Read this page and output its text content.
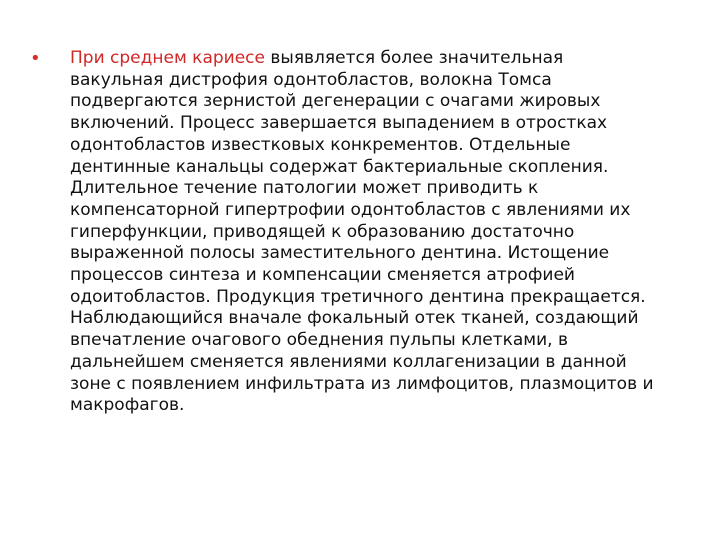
• При среднем кариесе выявляется более значительная
вакульная дистрофия одонтобластов, волокна Томса
подвергаются зернистой дегенерации с очагами жировых
включений. Процесс завершается выпадением в отростках
одонтобластов известковых конкрементов. Отдельные
дентинные канальцы содержат бактериальные скопления.
Длительное течение патологии может приводить к
компенсаторной гипертрофии одонтобластов с явлениями их
гиперфункции, приводящей к образованию достаточно
выраженной полосы заместительного дентина. Истощение
процессов синтеза и компенсации сменяется атрофией
одоитобластов. Продукция третичного дентина прекращается.
Наблюдающийся вначале фокальный отек тканей, создающий
впечатление очагового обеднения пульпы клетками, в
дальнейшем сменяется явлениями коллагенизации в данной
зоне с появлением инфильтрата из лимфоцитов, плазмоцитов и
макрофагов.
